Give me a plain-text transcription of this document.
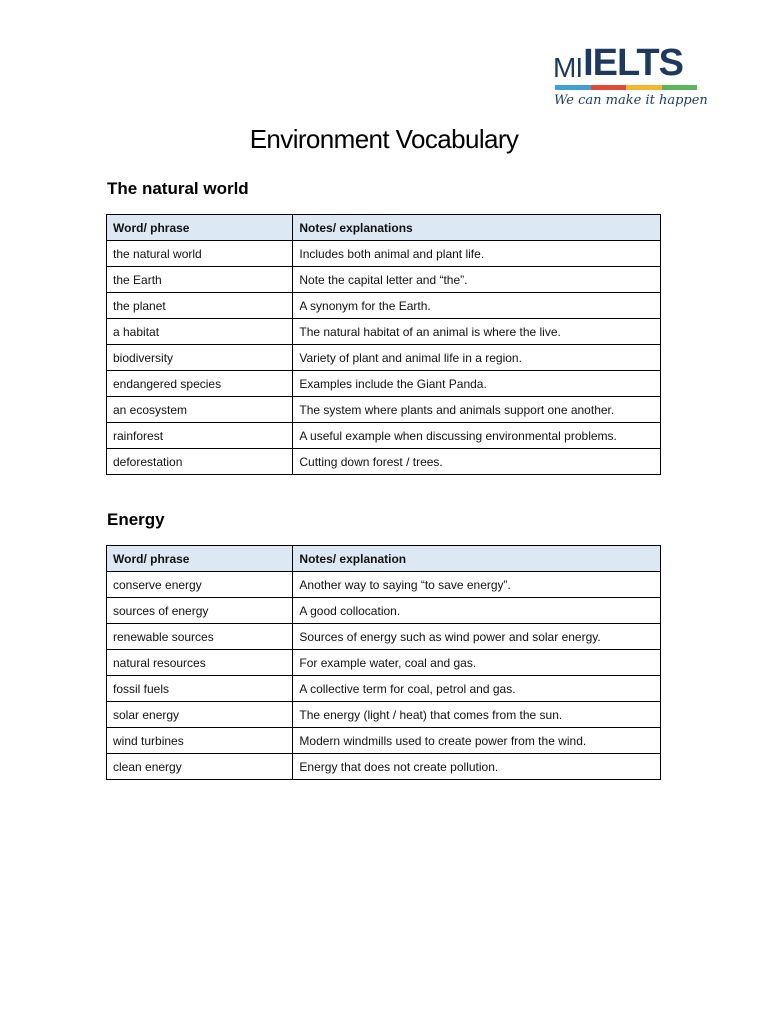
MI IELTS
We can make it happen
Environment Vocabulary
The natural world
Word/ phrase	Notes/ explanations
the natural world	Includes both animal and plant life.
the Earth	Note the capital letter and “the”.
the planet	A synonym for the Earth.
a habitat	The natural habitat of an animal is where the live.
biodiversity	Variety of plant and animal life in a region.
endangered species	Examples include the Giant Panda.
an ecosystem	The system where plants and animals support one another.
rainforest	A useful example when discussing environmental problems.
deforestation	Cutting down forest / trees.
Energy
Word/ phrase	Notes/ explanation
conserve energy	Another way to saying “to save energy”.
sources of energy	A good collocation.
renewable sources	Sources of energy such as wind power and solar energy.
natural resources	For example water, coal and gas.
fossil fuels	A collective term for coal, petrol and gas.
solar energy	The energy (light / heat) that comes from the sun.
wind turbines	Modern windmills used to create power from the wind.
clean energy	Energy that does not create pollution.
